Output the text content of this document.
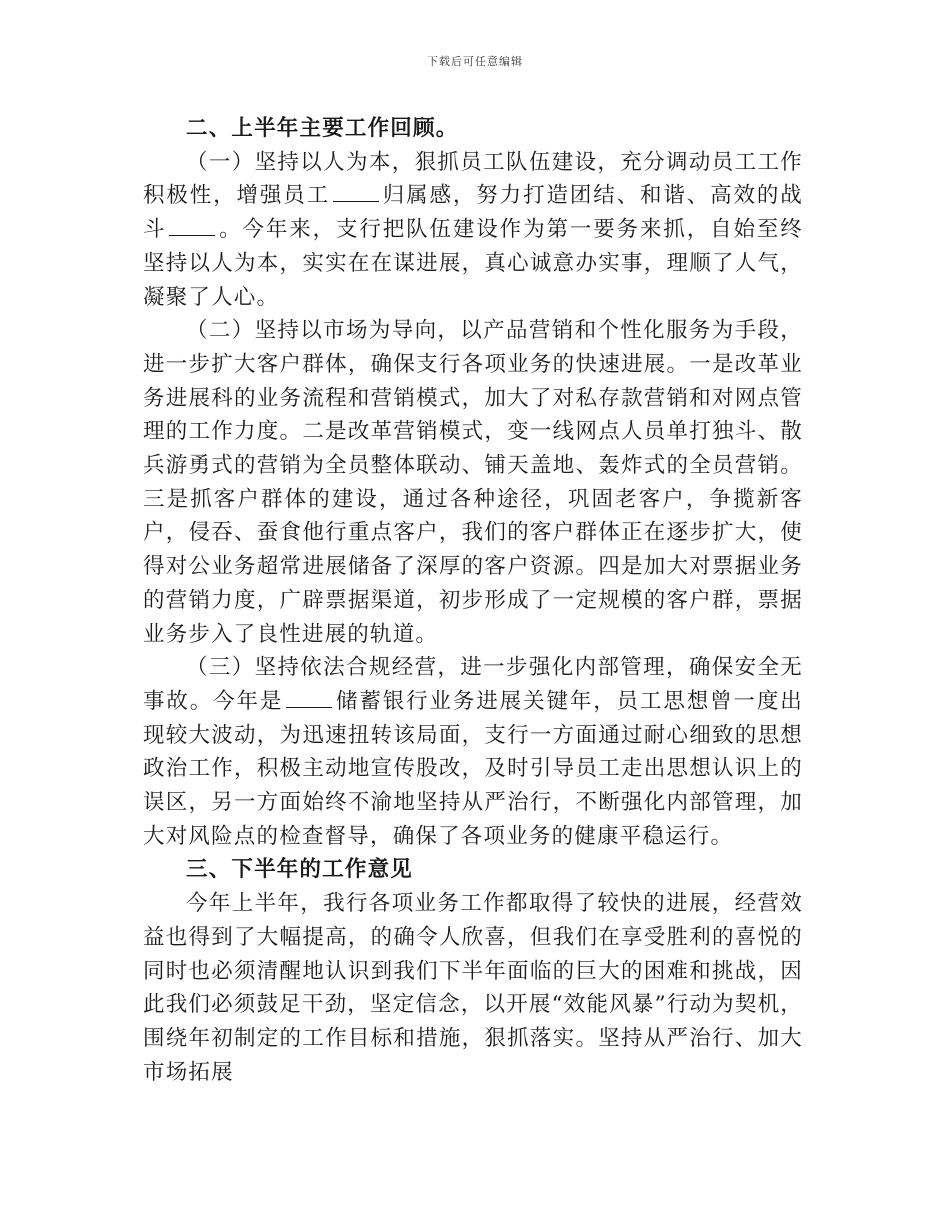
下载后可任意编辑
二、上半年主要工作回顾。

（一）坚持以人为本，狠抓员工队伍建设，充分调动员工工作积极性，增强员工 归属感，努力打造团结、和谐、高效的战斗 。今年来，支行把队伍建设作为第一要务来抓，自始至终坚持以人为本，实实在在谋进展，真心诚意办实事，理顺了人气，凝聚了人心。

（二）坚持以市场为导向，以产品营销和个性化服务为手段，进一步扩大客户群体，确保支行各项业务的快速进展。一是改革业务进展科的业务流程和营销模式，加大了对私存款营销和对网点管理的工作力度。二是改革营销模式，变一线网点人员单打独斗、散兵游勇式的营销为全员整体联动、铺天盖地、轰炸式的全员营销。三是抓客户群体的建设，通过各种途径，巩固老客户，争揽新客户，侵吞、蚕食他行重点客户，我们的客户群体正在逐步扩大，使得对公业务超常进展储备了深厚的客户资源。四是加大对票据业务的营销力度，广辟票据渠道，初步形成了一定规模的客户群，票据业务步入了良性进展的轨道。

（三）坚持依法合规经营，进一步强化内部管理，确保安全无事故。今年是 储蓄银行业务进展关键年，员工思想曾一度出现较大波动，为迅速扭转该局面，支行一方面通过耐心细致的思想政治工作，积极主动地宣传股改，及时引导员工走出思想认识上的误区，另一方面始终不渝地坚持从严治行，不断强化内部管理，加大对风险点的检查督导，确保了各项业务的健康平稳运行。

三、下半年的工作意见

今年上半年，我行各项业务工作都取得了较快的进展，经营效益也得到了大幅提高，的确令人欣喜，但我们在享受胜利的喜悦的同时也必须清醒地认识到我们下半年面临的巨大的困难和挑战，因此我们必须鼓足干劲，坚定信念，以开展“效能风暴”行动为契机，围绕年初制定的工作目标和措施，狠抓落实。坚持从严治行、加大市场拓展
